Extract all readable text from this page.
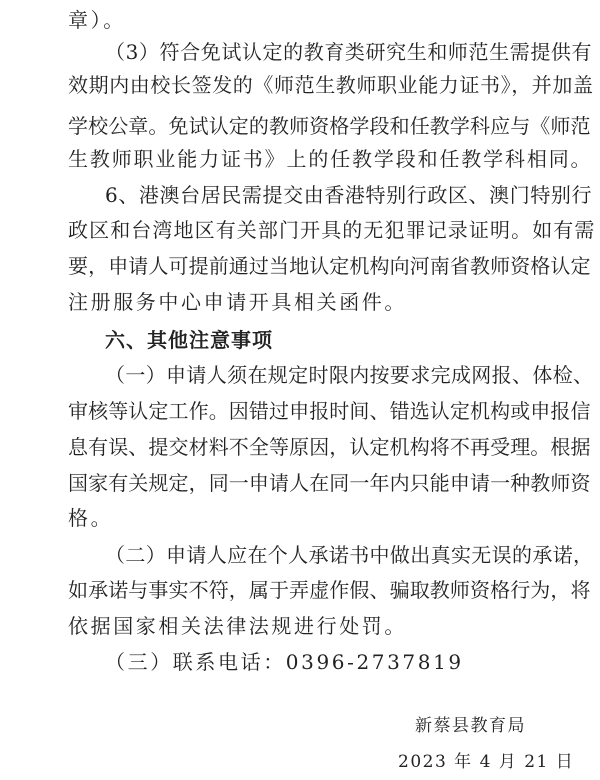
章）。
（3）符合免试认定的教育类研究生和师范生需提供有
效期内由校长签发的《师范生教师职业能力证书》，并加盖
学校公章。免试认定的教师资格学段和任教学科应与《师范
生教师职业能力证书》上的任教学段和任教学科相同。
6、港澳台居民需提交由香港特别行政区、澳门特别行
政区和台湾地区有关部门开具的无犯罪记录证明。如有需
要，申请人可提前通过当地认定机构向河南省教师资格认定
注册服务中心申请开具相关函件。
六、其他注意事项
（一）申请人须在规定时限内按要求完成网报、体检、
审核等认定工作。因错过申报时间、错选认定机构或申报信
息有误、提交材料不全等原因，认定机构将不再受理。根据
国家有关规定，同一申请人在同一年内只能申请一种教师资
格。
（二）申请人应在个人承诺书中做出真实无误的承诺，
如承诺与事实不符，属于弄虚作假、骗取教师资格行为，将
依据国家相关法律法规进行处罚。
（三）联系电话：0396-2737819
新蔡县教育局
2023 年 4 月 21 日
